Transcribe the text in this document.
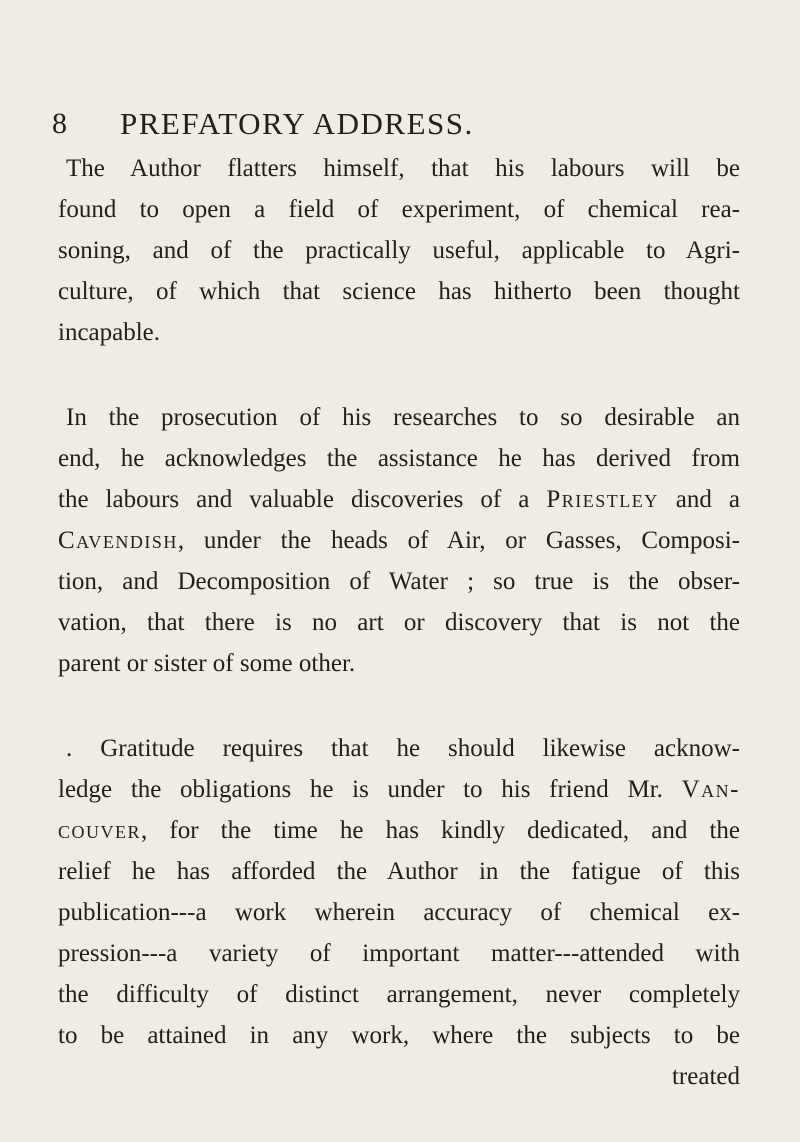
8 PREFATORY ADDRESS.
The Author flatters himself, that his labours will be
found to open a field of experiment, of chemical rea-
soning, and of the practically useful, applicable to Agri-
culture, of which that science has hitherto been thought
incapable.
In the prosecution of his researches to so desirable an
end, he acknowledges the assistance he has derived from
the labours and valuable discoveries of a Priestley and a
Cavendish, under the heads of Air, or Gasses, Composi-
tion, and Decomposition of Water ; so true is the obser-
vation, that there is no art or discovery that is not the
parent or sister of some other.
. Gratitude requires that he should likewise acknow-
ledge the obligations he is under to his friend Mr. Van-
couver, for the time he has kindly dedicated, and the
relief he has afforded the Author in the fatigue of this
publication---a work wherein accuracy of chemical ex-
pression---a variety of important matter---attended with
the difficulty of distinct arrangement, never completely
to be attained in any work, where the subjects to be
treated
